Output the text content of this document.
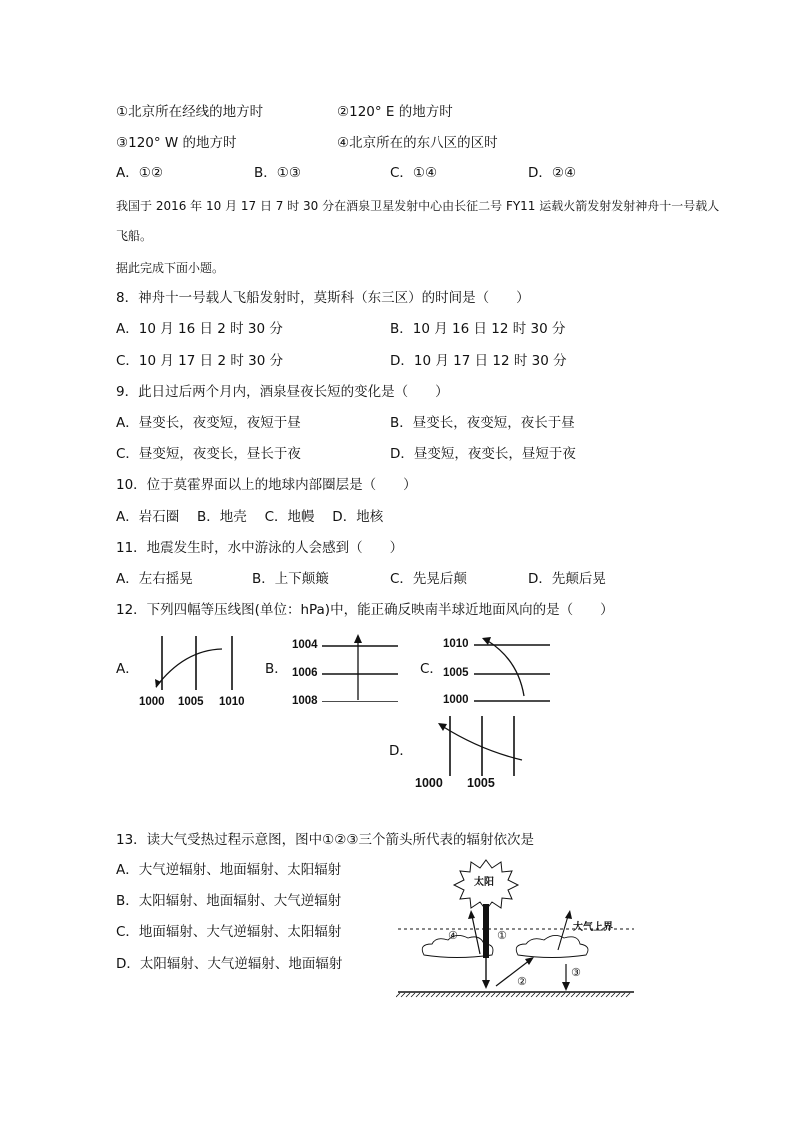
①北京所在经线的地方时	②120° E 的地方时
③120° W 的地方时	④北京所在的东八区的区时
A．①②	B．①③	C．①④	D．②④
我国于 2016 年 10 月 17 日 7 时 30 分在酒泉卫星发射中心由长征二号 FY11 运载火箭发射发射神舟十一号载人
飞船。
据此完成下面小题。
8．神舟十一号载人飞船发射时，莫斯科（东三区）的时间是（　　）
A．10 月 16 日 2 时 30 分	B．10 月 16 日 12 时 30 分
C．10 月 17 日 2 时 30 分	D．10 月 17 日 12 时 30 分
9．此日过后两个月内，酒泉昼夜长短的变化是（　　）
A．昼变长，夜变短，夜短于昼	B．昼变长，夜变短，夜长于昼
C．昼变短，夜变长，昼长于夜	D．昼变短，夜变长，昼短于夜
10．位于莫霍界面以上的地球内部圈层是（　　）
A．岩石圈　 B．地壳　 C．地幔　 D．地核
11．地震发生时，水中游泳的人会感到（　　）
A．左右摇晃	B．上下颠簸	C．先晃后颠	D．先颠后晃
12．下列四幅等压线图(单位：hPa)中，能正确反映南半球近地面风向的是（　　）
A．
1000 1005 1010
B．
1004
1006
1008
C．
1010
1005
1000
D．
1000 1005
13．读大气受热过程示意图，图中①②③三个箭头所代表的辐射依次是
A．大气逆辐射、地面辐射、太阳辐射
B．太阳辐射、地面辐射、大气逆辐射
C．地面辐射、大气逆辐射、太阳辐射
D．太阳辐射、大气逆辐射、地面辐射
太阳
大气上界
④	①
②
③
